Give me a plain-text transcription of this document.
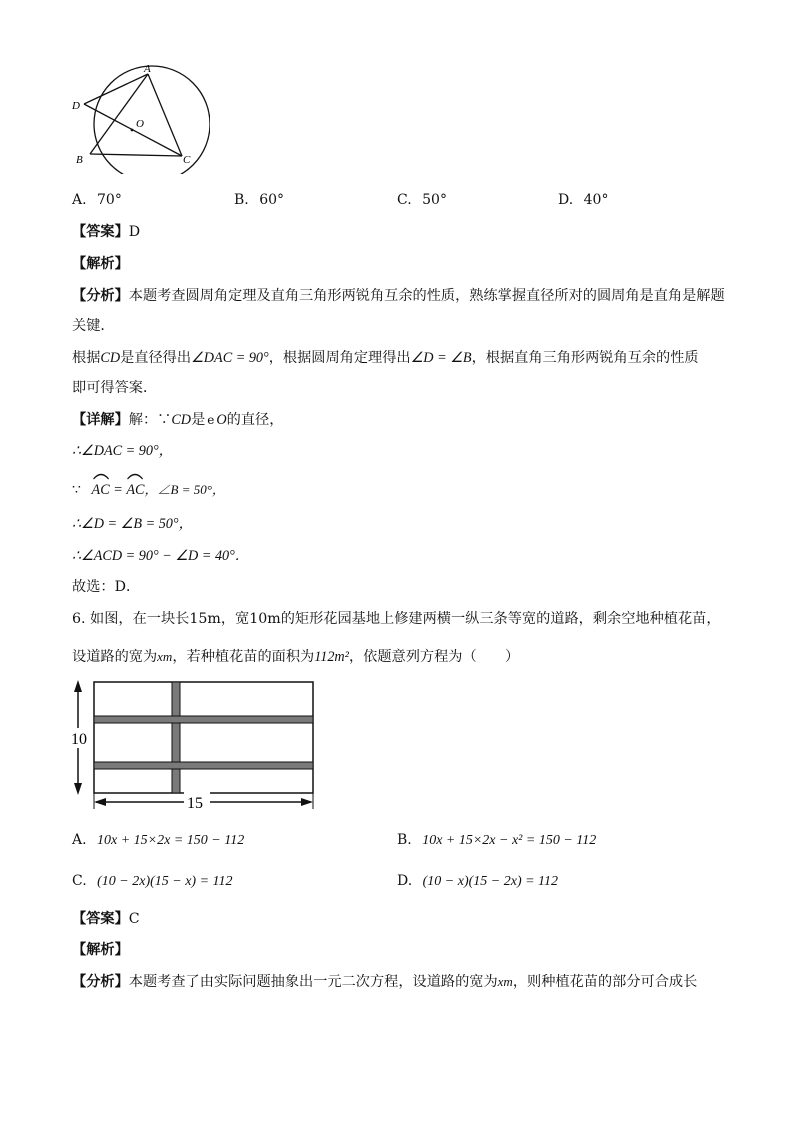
A
D
O
B	C
A. 70°	B. 60°	C. 50°	D. 40°
【答案】D
【解析】
【分析】本题考查圆周角定理及直角三角形两锐角互余的性质，熟练掌握直径所对的圆周角是直角是解题
关键．
根据CD是直径得出∠DAC = 90°，根据圆周角定理得出∠D = ∠B，根据直角三角形两锐角互余的性质
即可得答案．
【详解】解：∵CD是 e O的直径，
∴∠DAC = 90°，
∵ AC =
AC，∠B = 50°，
∴∠D = ∠B = 50°，
∴∠ACD = 90° − ∠D = 40°．
故选：D．
6. 如图，在一块长15m，宽10m的矩形花园基地上修建两横一纵三条等宽的道路，剩余空地种植花苗，
设道路的宽为xm，若种植花苗的面积为112m²，依题意列方程为（　　）
10
15
A. 10x + 15×2x = 150 − 112	B. 10x + 15×2x − x² = 150 − 112
C. (10 − 2x)(15 − x) = 112	D. (10 − x)(15 − 2x) = 112
【答案】C
【解析】
【分析】本题考查了由实际问题抽象出一元二次方程，设道路的宽为xm，则种植花苗的部分可合成长
